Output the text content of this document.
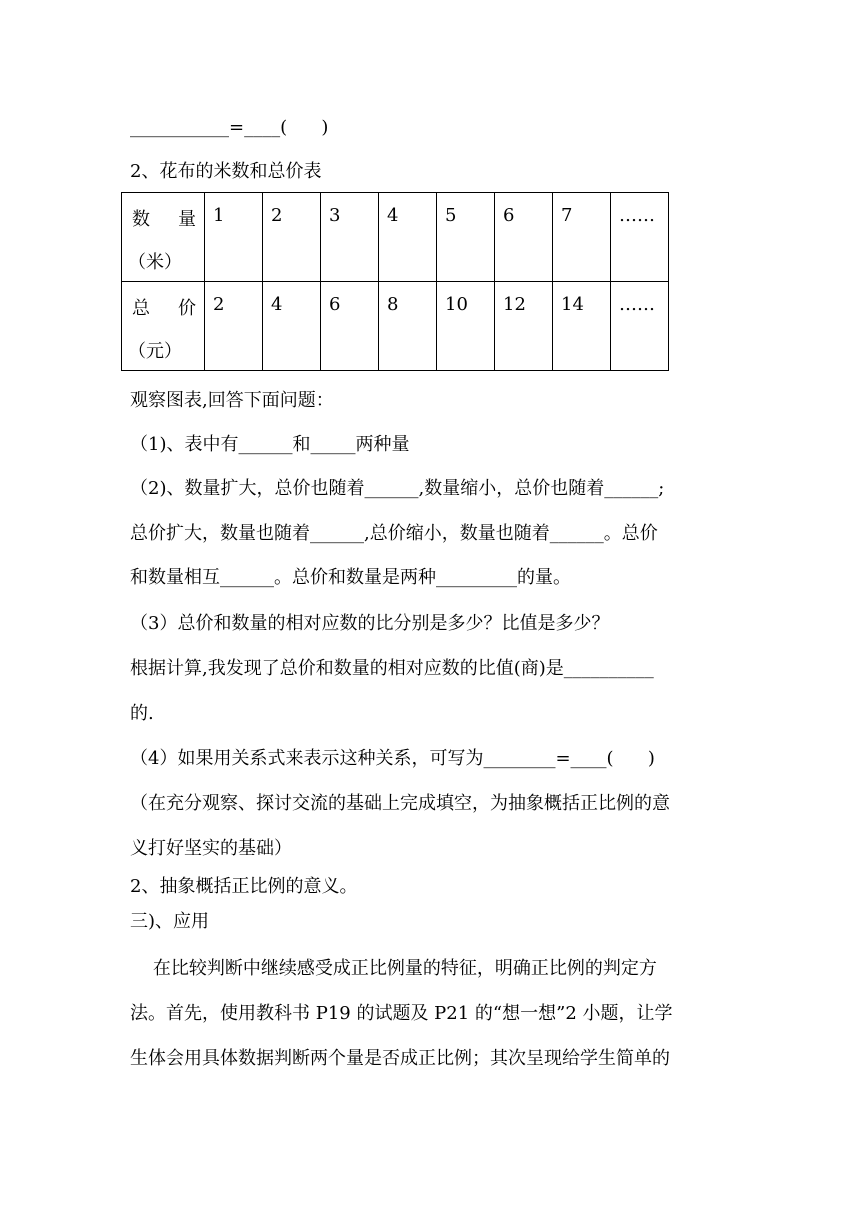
___________=____(      )
2、花布的米数和总价表
数 量
（米）	1	2	3	4	5	6	7	……

总 价
（元）	2	4	6	8	10	12	14	……
观察图表,回答下面问题：
（1)、表中有______和_____两种量
（2)、数量扩大，总价也随着______,数量缩小，总价也随着______;
总价扩大，数量也随着______,总价缩小，数量也随着______。总价
和数量相互______。总价和数量是两种_________的量。
（3）总价和数量的相对应数的比分别是多少？比值是多少？
根据计算,我发现了总价和数量的相对应数的比值(商)是__________
的.
（4）如果用关系式来表示这种关系，可写为________=____(      )
（在充分观察、探讨交流的基础上完成填空，为抽象概括正比例的意
义打好坚实的基础）
2、抽象概括正比例的意义。
三)、应用
在比较判断中继续感受成正比例量的特征，明确正比例的判定方
法。首先，使用教科书 P19 的试题及 P21 的“想一想”2 小题，让学
生体会用具体数据判断两个量是否成正比例；其次呈现给学生简单的
